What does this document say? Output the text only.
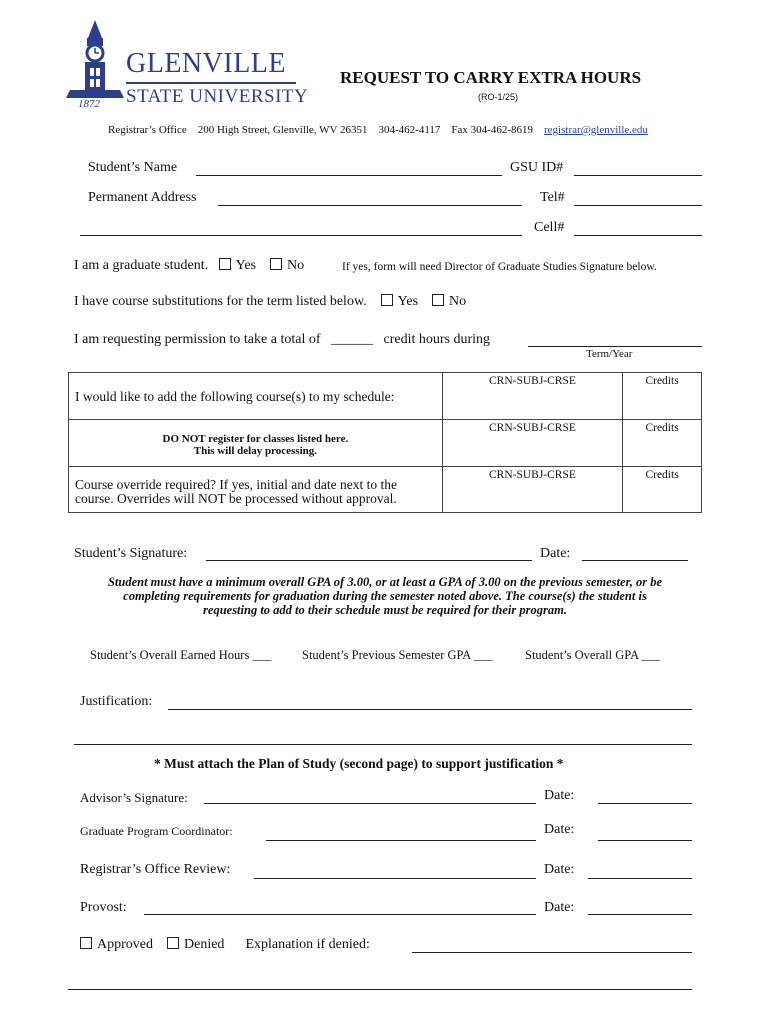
GLENVILLE
STATE UNIVERSITY
1872
REQUEST TO CARRY EXTRA HOURS
(RO-1/25)
Registrar’s Office 200 High Street, Glenville, WV 26351 304-462-4117 Fax 304-462-8619 registrar@glenville.edu
Student’s Name	GSU ID#
Permanent Address	Tel#
Cell#
I am a graduate student. Yes No	If yes, form will need Director of Graduate Studies Signature below.
I have course substitutions for the term listed below. Yes No
I am requesting permission to take a total of ______ credit hours during
Term/Year
I would like to add the following course(s) to my schedule:	CRN-SUBJ-CRSE	Credits

DO NOT register for classes listed here.
This will delay processing.	CRN-SUBJ-CRSE	Credits

Course override required? If yes, initial and date next to the
course. Overrides will NOT be processed without approval.	CRN-SUBJ-CRSE	Credits
Student’s Signature:	Date:
Student must have a minimum overall GPA of 3.00, or at least a GPA of 3.00 on the previous semester, or be
completing requirements for graduation during the semester noted above. The course(s) the student is
requesting to add to their schedule must be required for their program.
Student’s Overall Earned Hours ___ Student’s Previous Semester GPA ___	Student’s Overall GPA ___
Justification:
* Must attach the Plan of Study (second page) to support justification *
Advisor’s Signature:	Date:
Graduate Program Coordinator:	Date:
Registrar’s Office Review:	Date:
Provost:	Date:
Approved Denied Explanation if denied:
